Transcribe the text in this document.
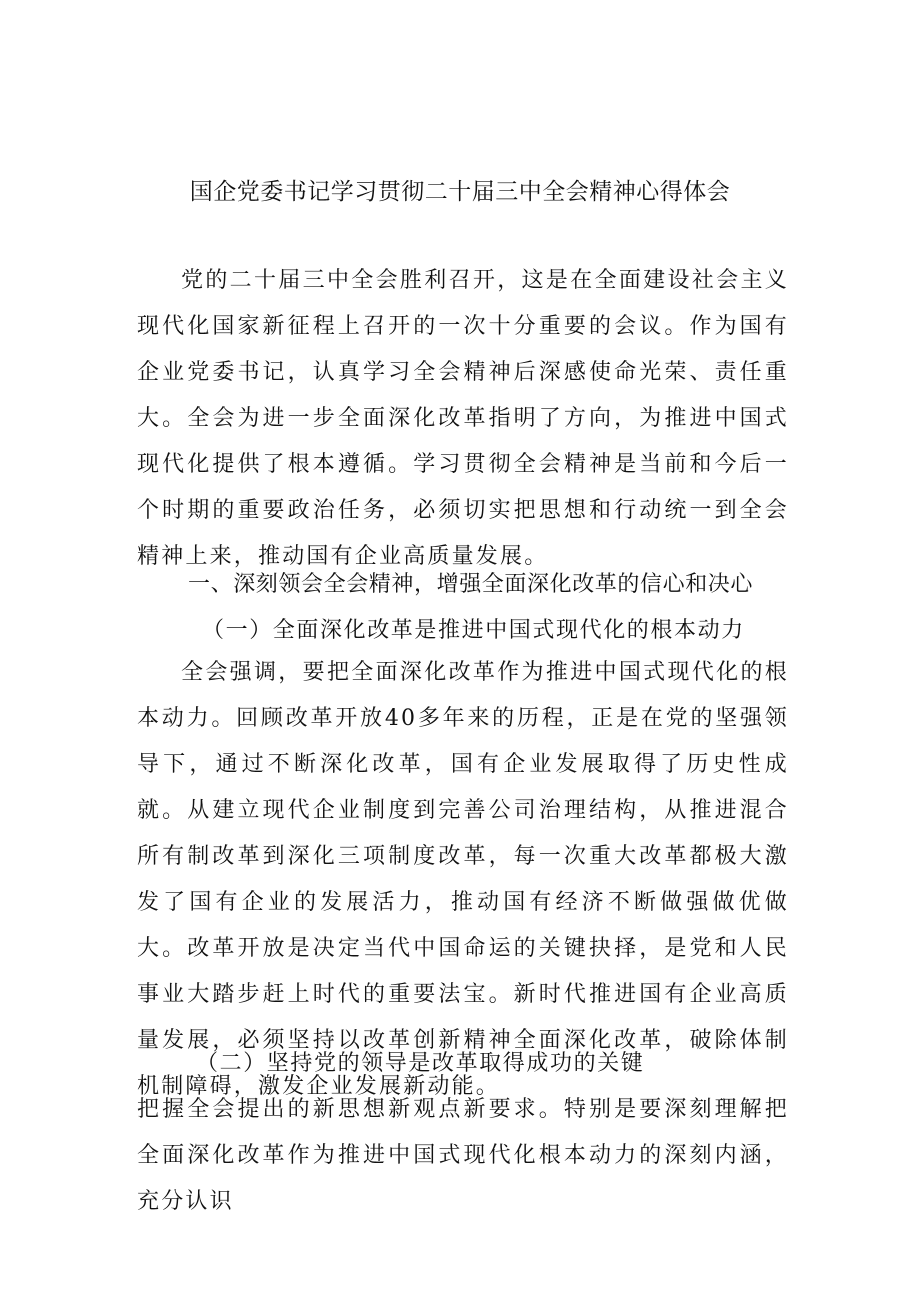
国企党委书记学习贯彻二十届三中全会精神心得体会
党的二十届三中全会胜利召开，这是在全面建设社会主义现代化国家新征程上召开的一次十分重要的会议。作为国有企业党委书记，认真学习全会精神后深感使命光荣、责任重大。全会为进一步全面深化改革指明了方向，为推进中国式现代化提供了根本遵循。学习贯彻全会精神是当前和今后一个时期的重要政治任务，必须切实把思想和行动统一到全会精神上来，推动国有企业高质量发展。
一、深刻领会全会精神，增强全面深化改革的信心和决心
（一）全面深化改革是推进中国式现代化的根本动力
全会强调，要把全面深化改革作为推进中国式现代化的根本动力。回顾改革开放40多年来的历程，正是在党的坚强领导下，通过不断深化改革，国有企业发展取得了历史性成就。从建立现代企业制度到完善公司治理结构，从推进混合所有制改革到深化三项制度改革，每一次重大改革都极大激发了国有企业的发展活力，推动国有经济不断做强做优做大。改革开放是决定当代中国命运的关键抉择，是党和人民事业大踏步赶上时代的重要法宝。新时代推进国有企业高质量发展，必须坚持以改革创新精神全面深化改革，破除体制机制障碍，激发企业发展新动能。
（二）坚持党的领导是改革取得成功的关键
把握全会提出的新思想新观点新要求。特别是要深刻理解把全面深化改革作为推进中国式现代化根本动力的深刻内涵，充分认识
